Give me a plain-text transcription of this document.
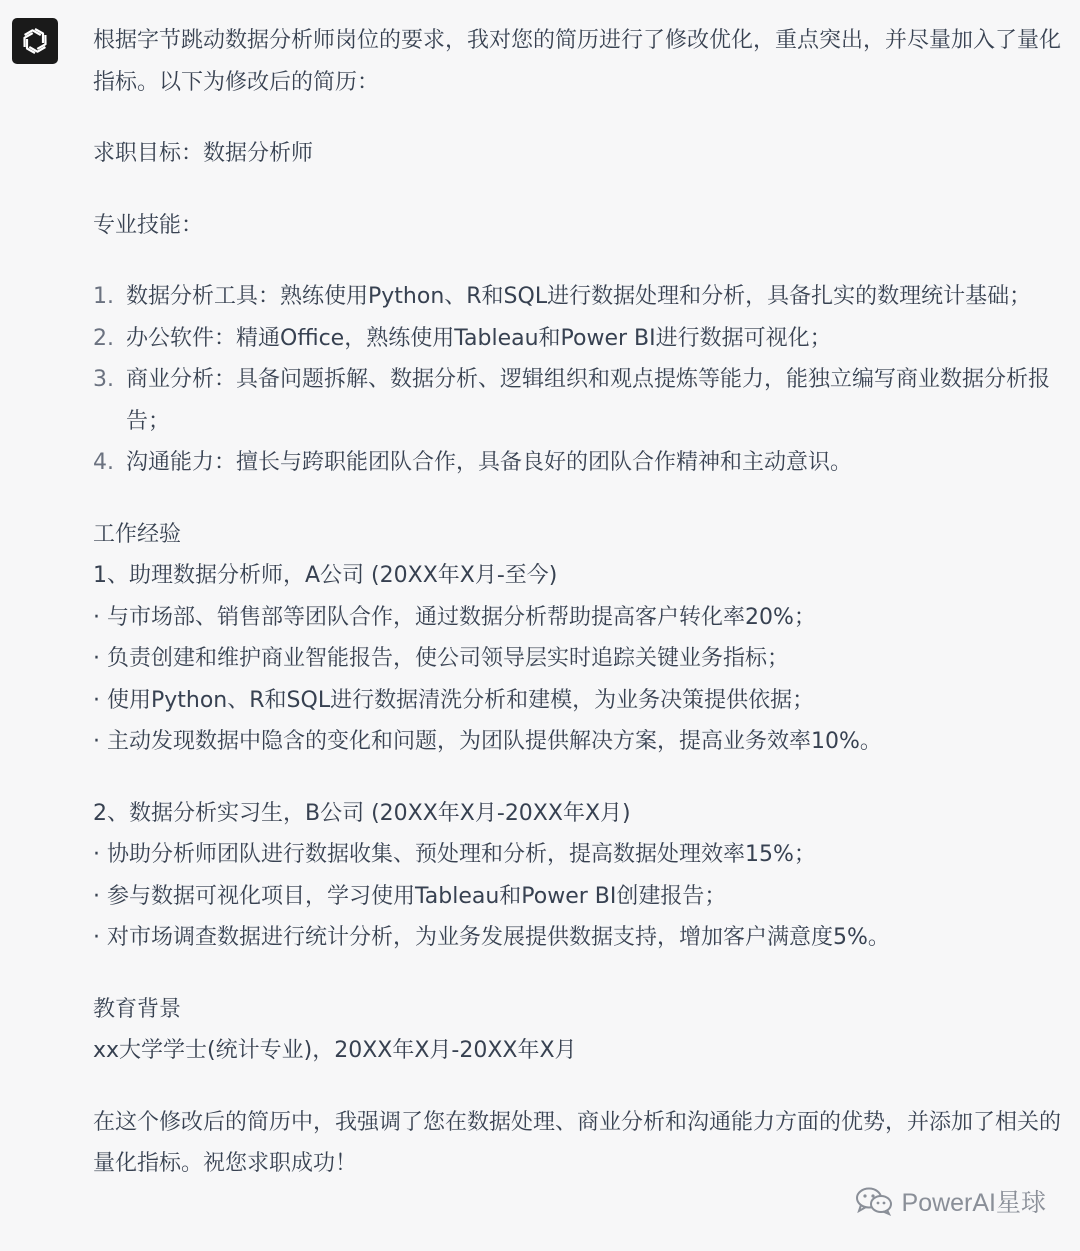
根据字节跳动数据分析师岗位的要求，我对您的简历进行了修改优化，重点突出，并尽量加入了量化指标。以下为修改后的简历：

求职目标：数据分析师

专业技能：

1. 数据分析工具：熟练使用Python、R和SQL进行数据处理和分析，具备扎实的数理统计基础；
2. 办公软件：精通Office，熟练使用Tableau和Power BI进行数据可视化；
3. 商业分析：具备问题拆解、数据分析、逻辑组织和观点提炼等能力，能独立编写商业数据分析报告；
4. 沟通能力：擅长与跨职能团队合作，具备良好的团队合作精神和主动意识。

工作经验

1、助理数据分析师，A公司 (20XX年X月-至今)

· 与市场部、销售部等团队合作，通过数据分析帮助提高客户转化率20%；

· 负责创建和维护商业智能报告，使公司领导层实时追踪关键业务指标；

· 使用Python、R和SQL进行数据清洗分析和建模，为业务决策提供依据；

· 主动发现数据中隐含的变化和问题，为团队提供解决方案，提高业务效率10%。

2、数据分析实习生，B公司 (20XX年X月-20XX年X月)

· 协助分析师团队进行数据收集、预处理和分析，提高数据处理效率15%；

· 参与数据可视化项目，学习使用Tableau和Power BI创建报告；

· 对市场调查数据进行统计分析，为业务发展提供数据支持，增加客户满意度5%。

教育背景

xx大学学士(统计专业)，20XX年X月-20XX年X月

在这个修改后的简历中，我强调了您在数据处理、商业分析和沟通能力方面的优势，并添加了相关的量化指标。祝您求职成功！

PowerAI星球
